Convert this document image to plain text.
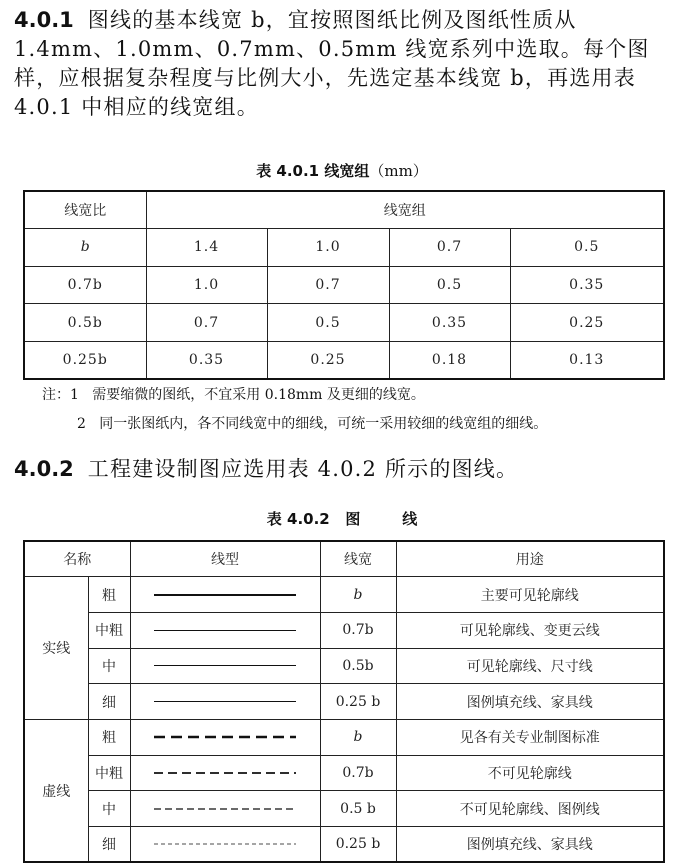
4.0.1 图线的基本线宽 b，宜按照图纸比例及图纸性质从
1.4mm、1.0mm、0.7mm、0.5mm 线宽系列中选取。每个图
样，应根据复杂程度与比例大小，先选定基本线宽 b，再选用表
4.0.1 中相应的线宽组。
表 4.0.1 线宽组（mm）
线宽比	线宽组			
b	1.4	1.0	0.7	0.5
0.7b	1.0	0.7	0.5	0.35
0.5b	0.7	0.5	0.35	0.25
0.25b	0.35	0.25	0.18	0.13
注：1 需要缩微的图纸，不宜采用 0.18mm 及更细的线宽。
2 同一张图纸内，各不同线宽中的细线，可统一采用较细的线宽组的细线。
4.0.2 工程建设制图应选用表 4.0.2 所示的图线。
表 4.0.2 图	线
名称		线型	线宽	用途
实线	粗		b	主要可见轮廓线
	中粗		0.7b	可见轮廓线、变更云线
	中		0.5b	可见轮廓线、尺寸线
	细		0.25 b	图例填充线、家具线
虚线	粗		b	见各有关专业制图标准
	中粗		0.7b	不可见轮廓线
	中		0.5 b	不可见轮廓线、图例线
	细		0.25 b	图例填充线、家具线
